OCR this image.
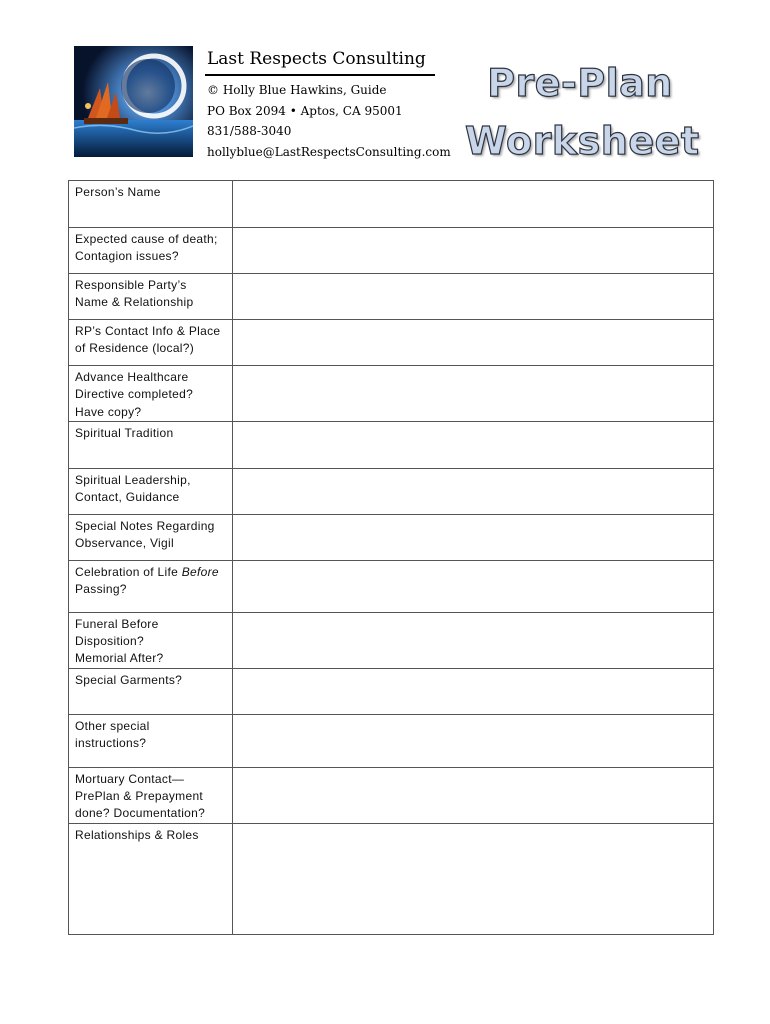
Last Respects Consulting
© Holly Blue Hawkins, Guide
PO Box 2094 • Aptos, CA 95001
831/588-3040
hollyblue@LastRespectsConsulting.com
Pre-Plan
Worksheet
Person’s Name	

Expected cause of death;
Contagion issues?	

Responsible Party’s
Name & Relationship	

RP’s Contact Info & Place
of Residence (local?)	

Advance Healthcare
Directive completed?
Have copy?	

Spiritual Tradition	

Spiritual Leadership,
Contact, Guidance	

Special Notes Regarding
Observance, Vigil	

Celebration of Life Before
Passing?	

Funeral Before
Disposition?
Memorial After?	

Special Garments?	

Other special
instructions?	

Mortuary Contact—
PrePlan & Prepayment
done? Documentation?	

Relationships & Roles	
